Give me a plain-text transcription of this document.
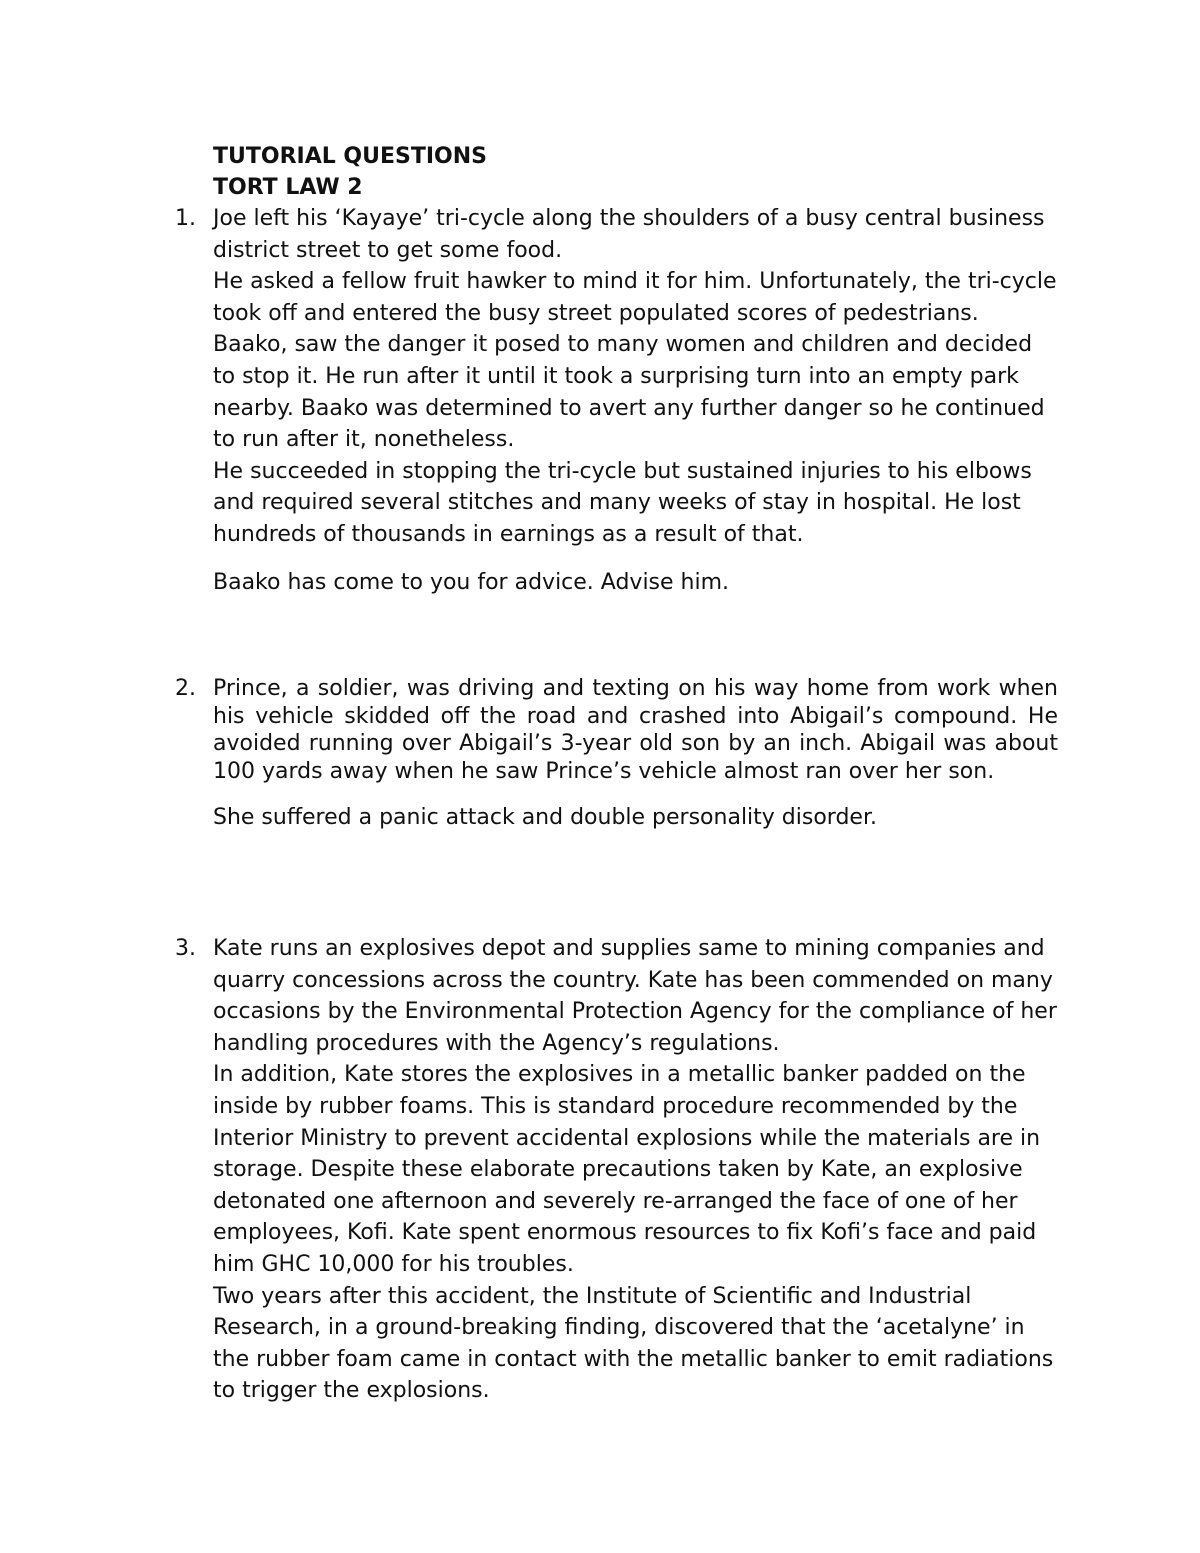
TUTORIAL QUESTIONS
TORT LAW 2
1. Joe left his ‘Kayaye’ tri-cycle along the shoulders of a busy central business district street to get some food.

He asked a fellow fruit hawker to mind it for him. Unfortunately, the tri-cycle took off and entered the busy street populated scores of pedestrians. Baako, saw the danger it posed to many women and children and decided to stop it. He run after it until it took a surprising turn into an empty park nearby. Baako was determined to avert any further danger so he continued to run after it, nonetheless.

He succeeded in stopping the tri-cycle but sustained injuries to his elbows and required several stitches and many weeks of stay in hospital. He lost hundreds of thousands in earnings as a result of that.

Baako has come to you for advice. Advise him.

2. Prince, a soldier, was driving and texting on his way home from work when his vehicle skidded off the road and crashed into Abigail’s compound. He avoided running over Abigail’s 3-year old son by an inch. Abigail was about 100 yards away when he saw Prince’s vehicle almost ran over her son.

She suffered a panic attack and double personality disorder.

3. Kate runs an explosives depot and supplies same to mining companies and quarry concessions across the country. Kate has been commended on many occasions by the Environmental Protection Agency for the compliance of her handling procedures with the Agency’s regulations.

In addition, Kate stores the explosives in a metallic banker padded on the inside by rubber foams. This is standard procedure recommended by the Interior Ministry to prevent accidental explosions while the materials are in storage. Despite these elaborate precautions taken by Kate, an explosive detonated one afternoon and severely re-arranged the face of one of her employees, Kofi. Kate spent enormous resources to fix Kofi’s face and paid him GHC 10,000 for his troubles.

Two years after this accident, the Institute of Scientific and Industrial Research, in a ground-breaking finding, discovered that the ‘acetalyne’ in the rubber foam came in contact with the metallic banker to emit radiations to trigger the explosions.
